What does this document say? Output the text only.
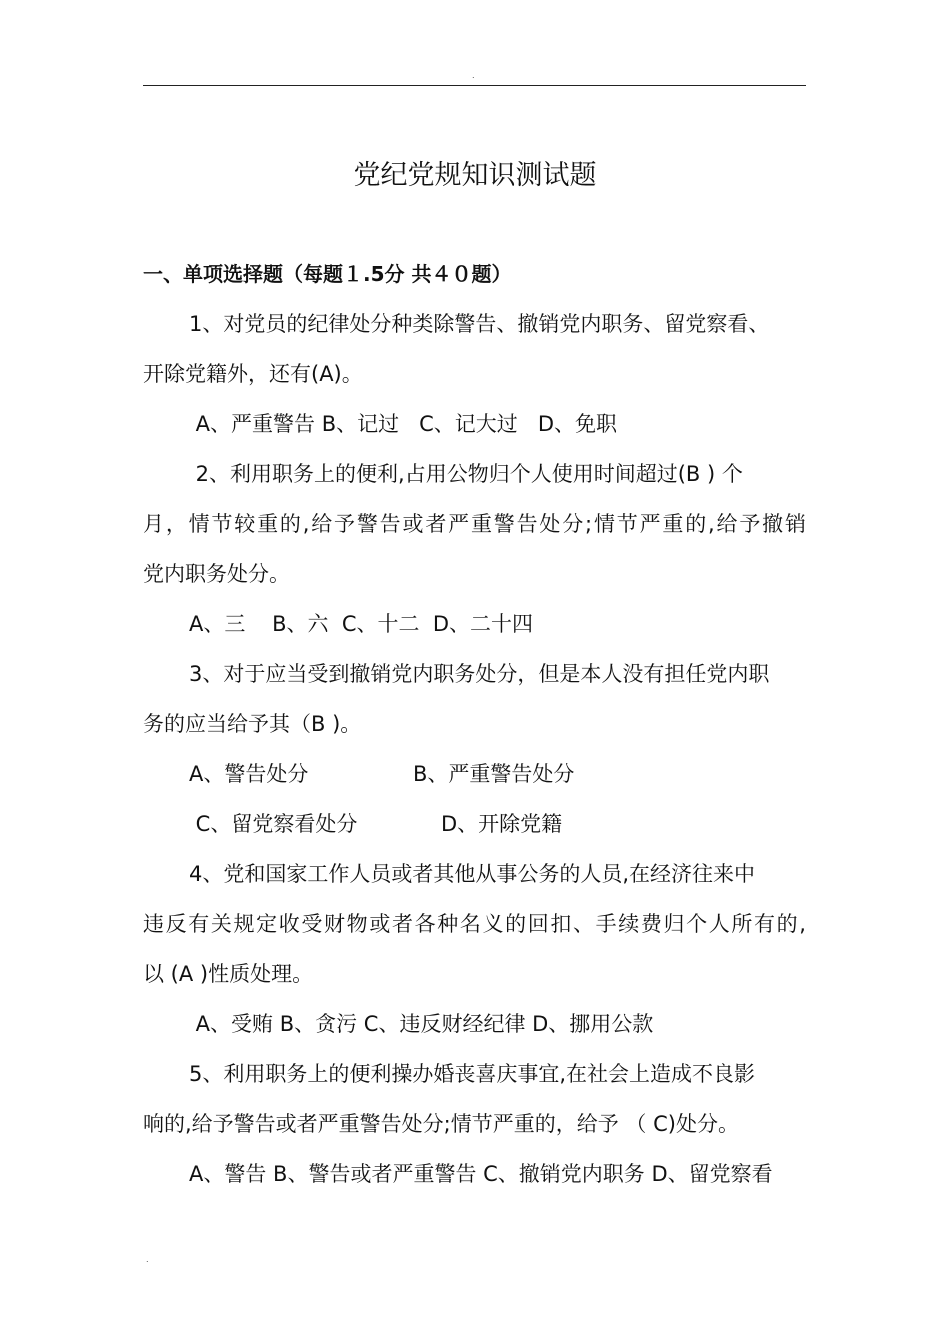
.
党纪党规知识测试题
一、单项选择题（每题１.5分 共４０题）
1、对党员的纪律处分种类除警告、撤销党内职务、留党察看、
开除党籍外，还有(A)。
A、严重警告 B、记过   C、记大过   D、免职
2、利用职务上的便利,占用公物归个人使用时间超过(B ) 个
月，情节较重的,给予警告或者严重警告处分;情节严重的,给予撤销
党内职务处分。
A、三    B、六  C、十二  D、二十四
3、对于应当受到撤销党内职务处分，但是本人没有担任党内职
务的应当给予其（B )。
A、警告处分	B、严重警告处分
C、留党察看处分	D、开除党籍
4、党和国家工作人员或者其他从事公务的人员,在经济往来中
违反有关规定收受财物或者各种名义的回扣、手续费归个人所有的,
以 (A )性质处理。
A、受贿 B、贪污 C、违反财经纪律 D、挪用公款
5、利用职务上的便利操办婚丧喜庆事宜,在社会上造成不良影
响的,给予警告或者严重警告处分;情节严重的，给予 （ C)处分。
A、警告 B、警告或者严重警告 C、撤销党内职务 D、留党察看
.
